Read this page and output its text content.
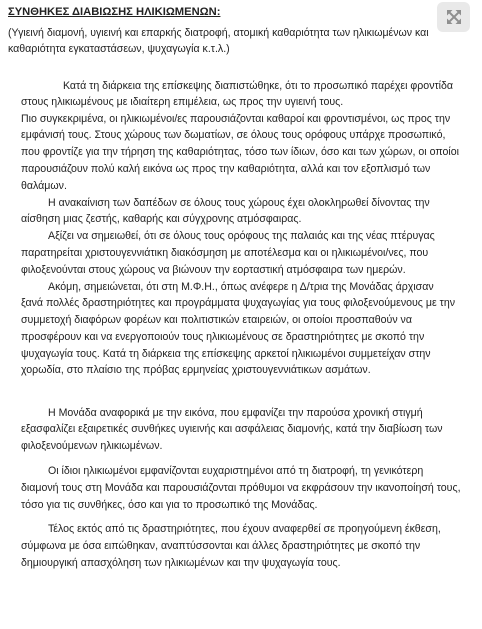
ΣΥΝΘΗΚΕΣ ΔΙΑΒΙΩΣΗΣ ΗΛΙΚΙΩΜΕΝΩΝ:
(Υγιεινή διαμονή, υγιεινή και επαρκής διατροφή, ατομική καθαριότητα των ηλικιωμένων και
καθαριότητα εγκαταστάσεων, ψυχαγωγία κ.τ.λ.)
Κατά τη διάρκεια της επίσκεψης διαπιστώθηκε, ότι το προσωπικό παρέχει φροντίδα
στους ηλικιωμένους με ιδιαίτερη επιμέλεια, ως προς την υγιεινή τους.
Πιο συγκεκριμένα, οι ηλικιωμένοι/ες παρουσιάζονται καθαροί και φροντισμένοι, ως προς την
εμφάνισή τους. Στους χώρους των δωματίων, σε όλους τους ορόφους υπάρχε προσωπικό,
που φροντίζε για την τήρηση της καθαριότητας, τόσο των ίδιων, όσο και των χώρων, οι οποίοι
παρουσιάζουν πολύ καλή εικόνα ως προς την καθαριότητα, αλλά και τον εξοπλισμό των
θαλάμων.
Η ανακαίνιση των δαπέδων σε όλους τους χώρους έχει ολοκληρωθεί δίνοντας την
αίσθηση μιας ζεστής, καθαρής και σύγχρονης ατμόσφαιρας.
Αξίζει να σημειωθεί, ότι σε όλους τους ορόφους της παλαιάς και της νέας πτέρυγας
παρατηρείται χριστουγεννιάτικη διακόσμηση με αποτέλεσμα και οι ηλικιωμένοι/νες, που
φιλοξενούνται στους χώρους να βιώνουν την εορταστική ατμόσφαιρα των ημερών.
Ακόμη, σημειώνεται, ότι στη Μ.Φ.Η., όπως ανέφερε η Δ/τρια της Μονάδας άρχισαν
ξανά πολλές δραστηριότητες και προγράμματα ψυχαγωγίας για τους φιλοξενούμενους με την
συμμετοχή διαφόρων φορέων και πολιτιστικών εταιρειών, οι οποίοι προσπαθούν να
προσφέρουν και να ενεργοποιούν τους ηλικιωμένους σε δραστηριότητες με σκοπό την
ψυχαγωγία τους. Κατά τη διάρκεια της επίσκεψης αρκετοί ηλικιωμένοι συμμετείχαν στην
χορωδία, στο πλαίσιο της πρόβας ερμηνείας χριστουγεννιάτικων ασμάτων.
Η Μονάδα αναφορικά με την εικόνα, που εμφανίζει την παρούσα χρονική στιγμή
εξασφαλίζει εξαιρετικές συνθήκες υγιεινής και ασφάλειας διαμονής, κατά την διαβίωση των
φιλοξενούμενων ηλικιωμένων.
Οι ίδιοι ηλικιωμένοι εμφανίζονται ευχαριστημένοι από τη διατροφή, τη γενικότερη
διαμονή τους στη Μονάδα και παρουσιάζονται πρόθυμοι να εκφράσουν την ικανοποίησή τους,
τόσο για τις συνθήκες, όσο και για το προσωπικό της Μονάδας.
Τέλος εκτός από τις δραστηριότητες, που έχουν αναφερθεί σε προηγούμενη έκθεση,
σύμφωνα με όσα ειπώθηκαν, αναπτύσσονται και άλλες δραστηριότητες με σκοπό την
δημιουργική απασχόληση των ηλικιωμένων και την ψυχαγωγία τους.
